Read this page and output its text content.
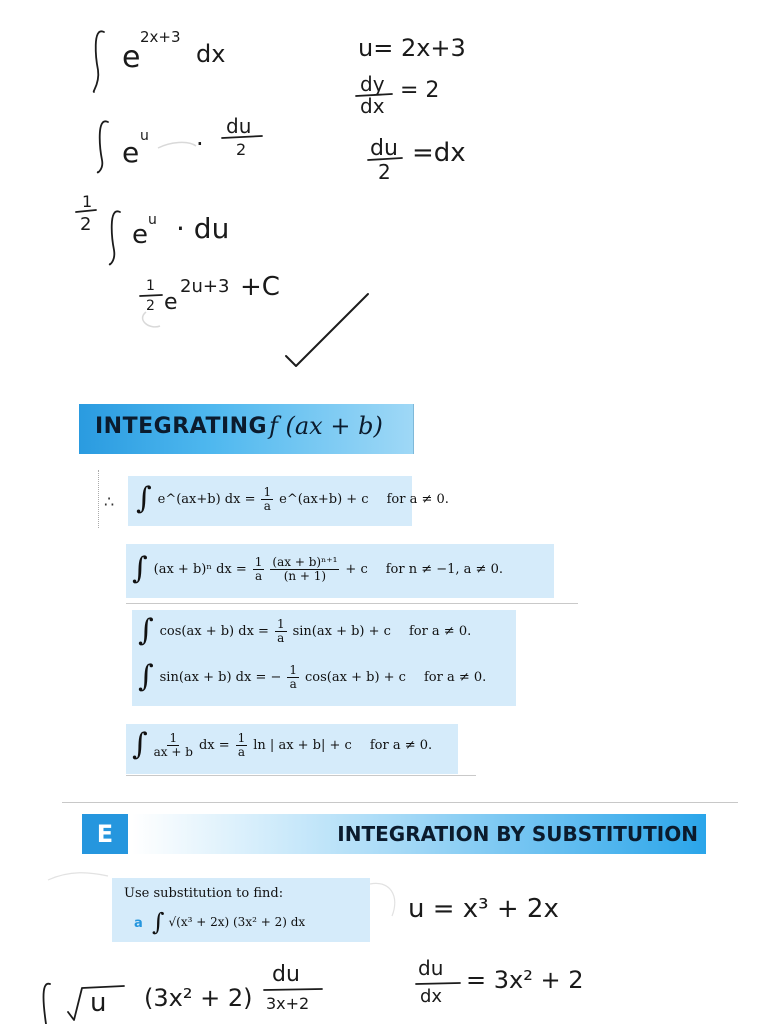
e
2x+3
dx	u= 2x+3
dy
dx
= 2
du
2
=dx
e u ·
du
2
1
2 e u · du
1
2 e
2u+3 +C
INTEGRATING f (ax + b)
∴ ∫ e^(ax+b) dx = $\frac{1}{a}$ e^(ax+b) + c for a ≠ 0.
∫ (ax + b)ⁿ dx = $\frac{1}{a} \frac{\text{(ax + b)ⁿ⁺¹}}{(n + 1)} + c$ for n ≠ −1, a ≠ 0.
∫ cos(ax + b) dx = $\frac{1}{a} \sin(ax + b) + c$ for a ≠ 0.
∫ sin(ax + b) dx = − $\frac{1}{a} \cos(ax + b) + c$ for a ≠ 0.
∫ $\frac{1}{ax + b}$ dx = $\frac{1}{a}$ ln | ax + b| + c for a ≠ 0.
E	INTEGRATION BY SUBSTITUTION
Use substitution to find:
a ∫ √(x³ + 2x) (3x² + 2) dx	u = x³ + 2x
du
dx
= 3x² + 2
u (3x² + 2)
du
3x+2
